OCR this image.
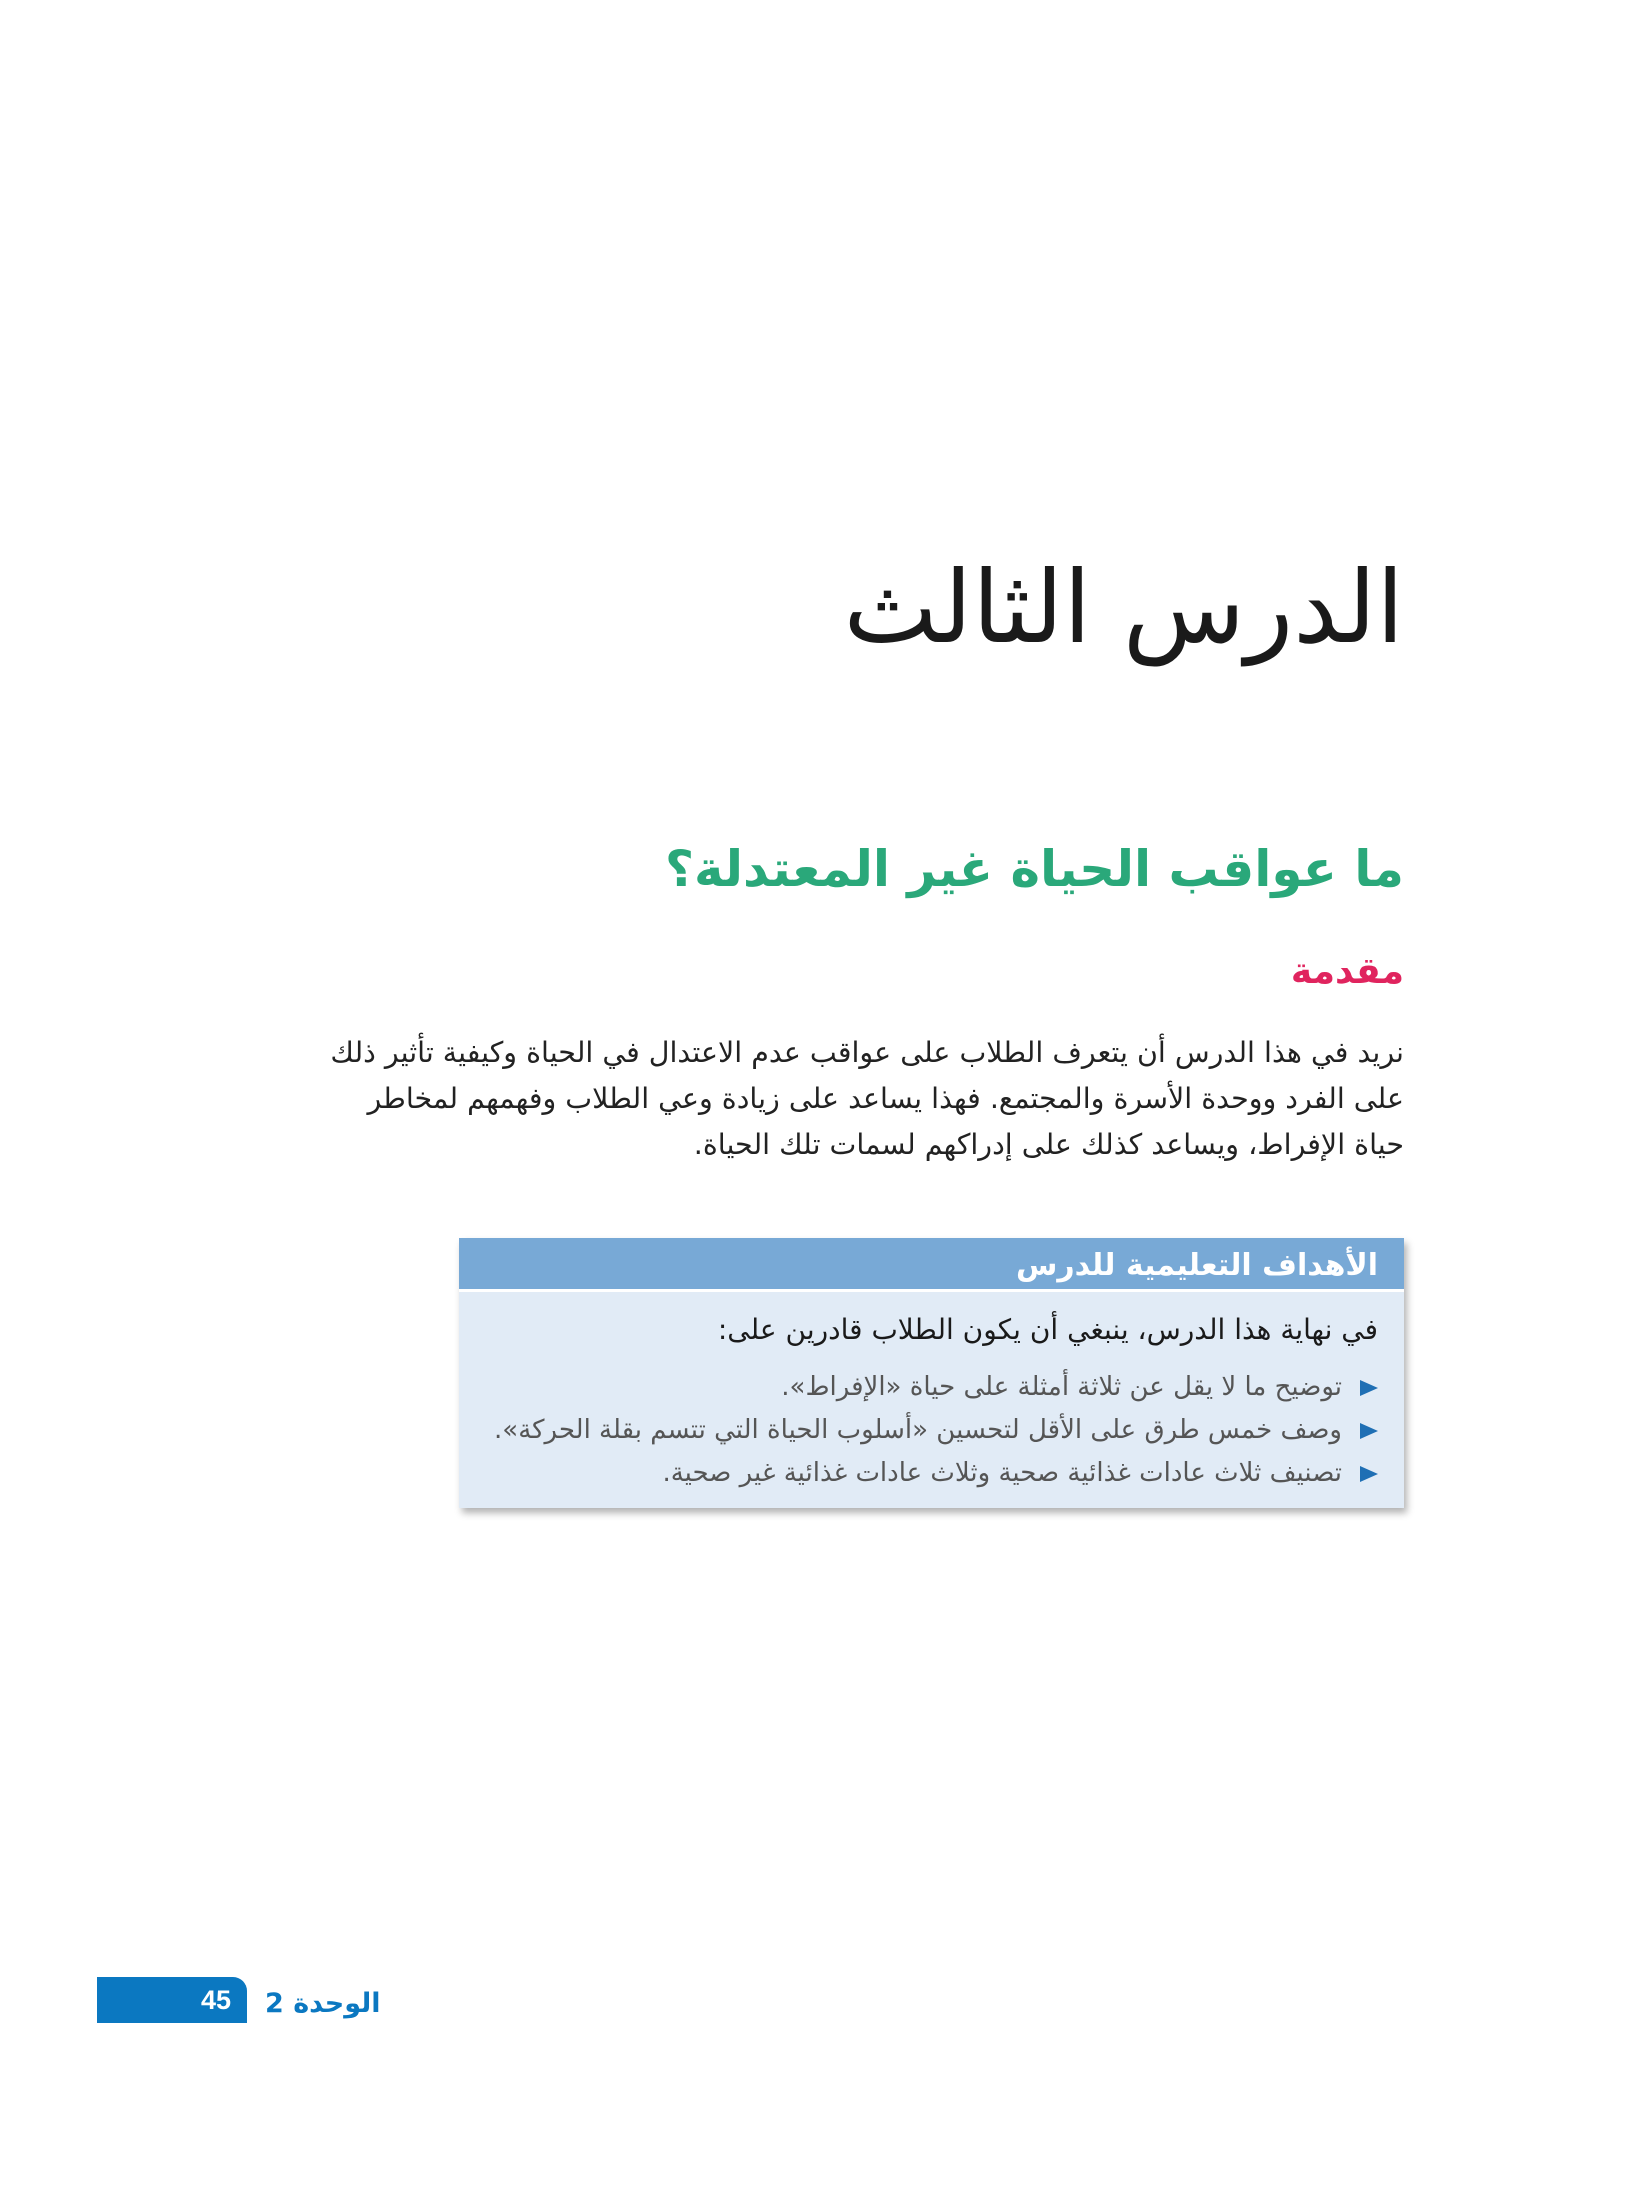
الدرس الثالث
ما عواقب الحياة غير المعتدلة؟
مقدمة
نريد في هذا الدرس أن يتعرف الطلاب على عواقب عدم الاعتدال في الحياة وكيفية تأثير ذلك
على الفرد ووحدة الأسرة والمجتمع. فهذا يساعد على زيادة وعي الطلاب وفهمهم لمخاطر
حياة الإفراط، ويساعد كذلك على إدراكهم لسمات تلك الحياة.
الأهداف التعليمية للدرس
في نهاية هذا الدرس، ينبغي أن يكون الطلاب قادرين على:
توضيح ما لا يقل عن ثلاثة أمثلة على حياة «الإفراط».
وصف خمس طرق على الأقل لتحسين «أسلوب الحياة التي تتسم بقلة الحركة».
تصنيف ثلاث عادات غذائية صحية وثلاث عادات غذائية غير صحية.
45 الوحدة 2
